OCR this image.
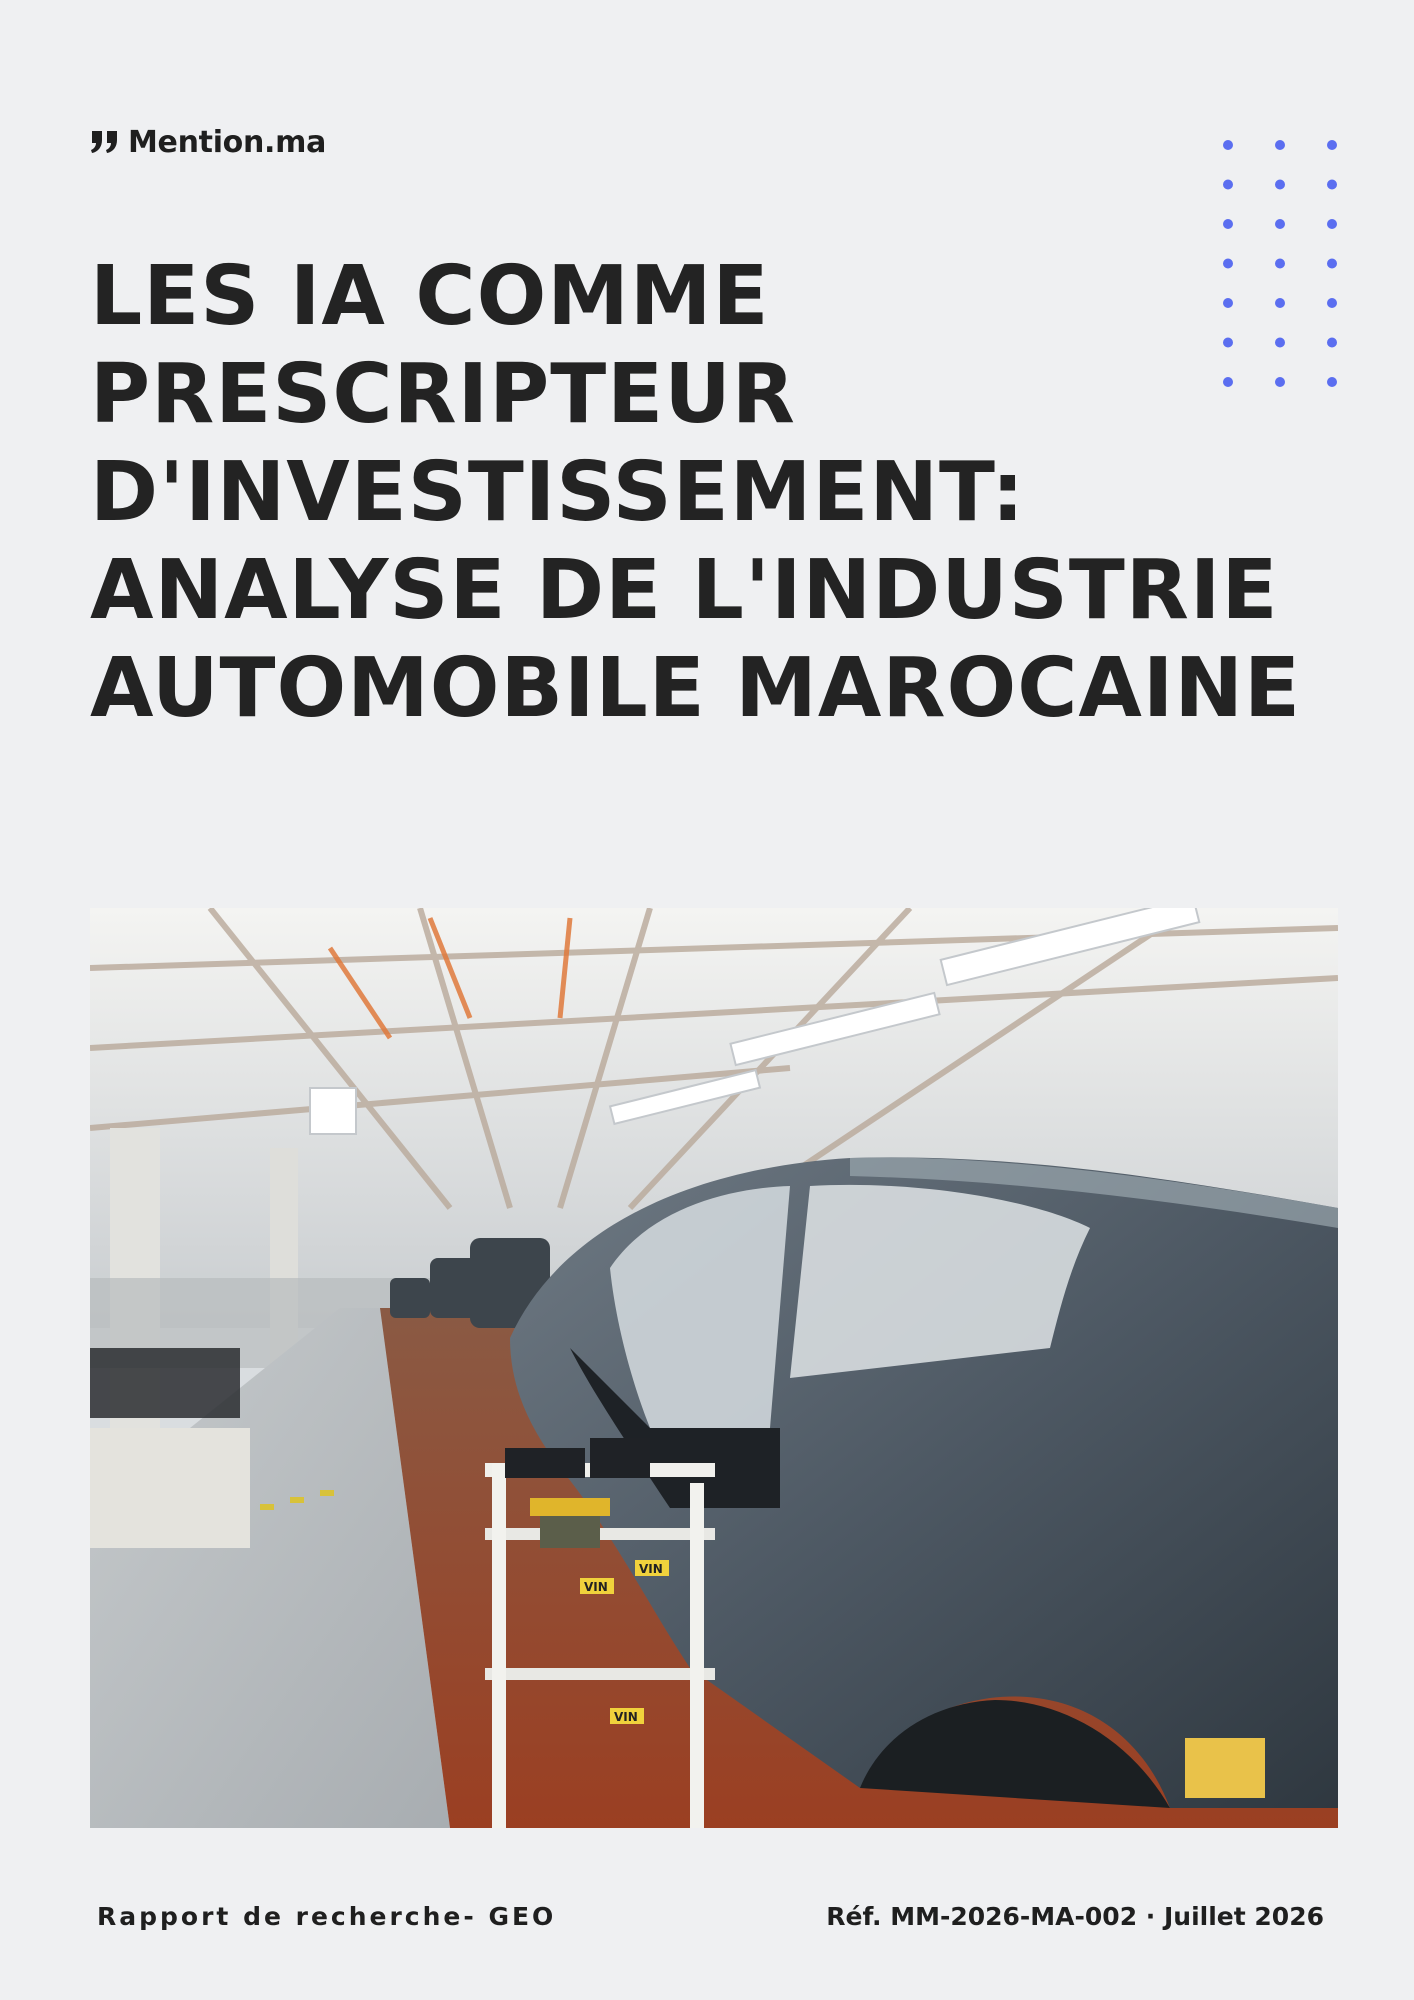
Mention.ma
LES IA COMME
PRESCRIPTEUR
D'INVESTISSEMENT:
ANALYSE DE L'INDUSTRIE
AUTOMOBILE MAROCAINE
VIN
VIN
VIN
Rapport de recherche- GEO	Réf. MM-2026-MA-002 · Juillet 2026
